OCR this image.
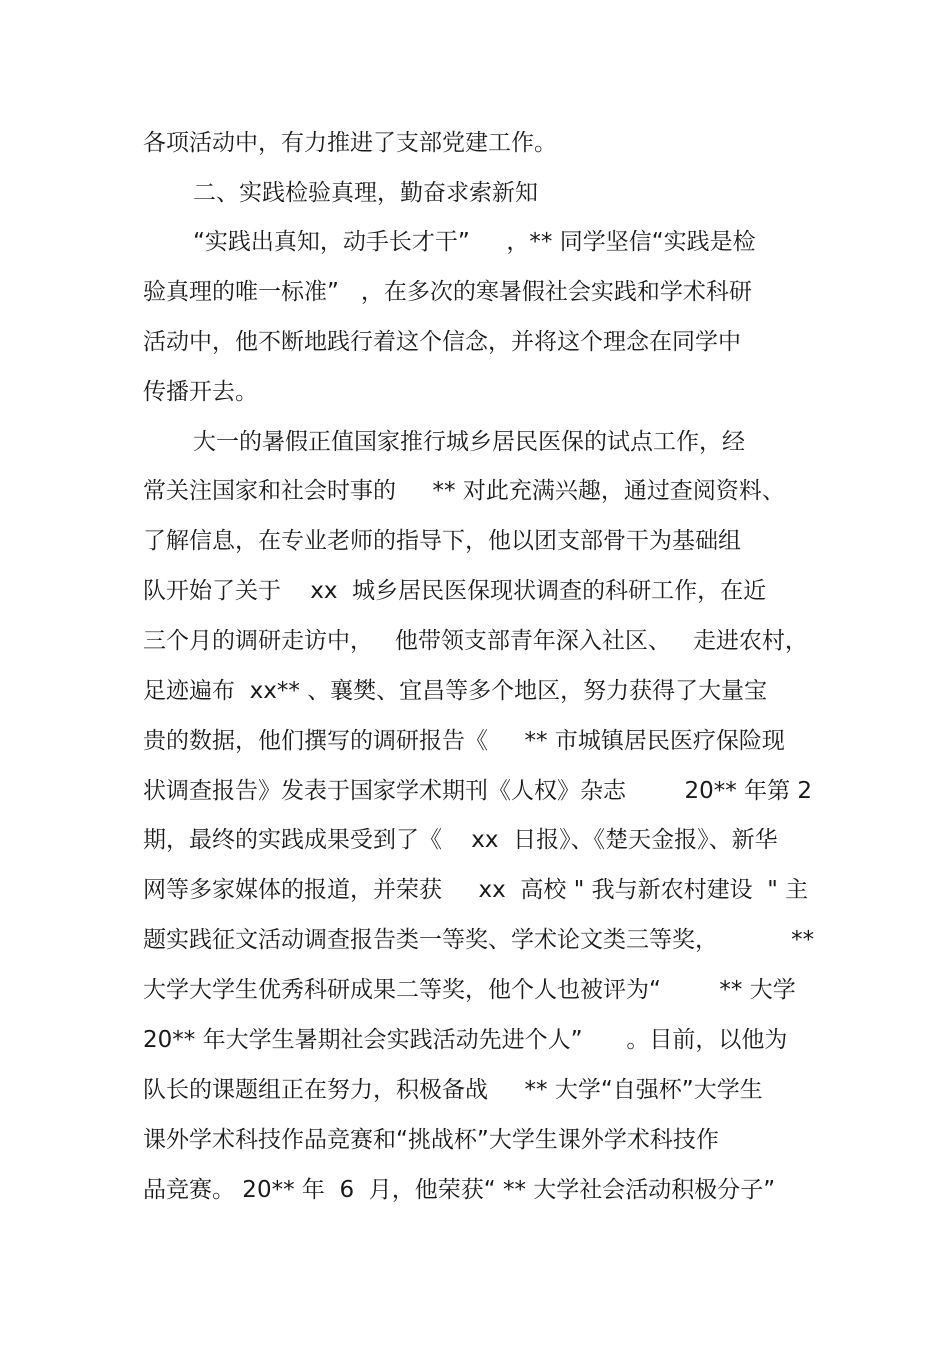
各项活动中，有力推进了支部党建工作。
二、实践检验真理，勤奋求索新知
“实践出真知，动手长才干”     ，** 同学坚信“实践是检
验真理的唯一标准”   ，在多次的寒暑假社会实践和学术科研
活动中，他不断地践行着这个信念，并将这个理念在同学中
传播开去。
大一的暑假正值国家推行城乡居民医保的试点工作，经
常关注国家和社会时事的     ** 对此充满兴趣，通过查阅资料、
了解信息，在专业老师的指导下，他以团支部骨干为基础组
队开始了关于    xx  城乡居民医保现状调查的科研工作，在近
三个月的调研走访中，   他带领支部青年深入社区、   走进农村，
足迹遍布  xx** 、襄樊、宜昌等多个地区，努力获得了大量宝
贵的数据，他们撰写的调研报告《     ** 市城镇居民医疗保险现
状调查报告》发表于国家学术期刊《人权》杂志        20** 年第 2
期，最终的实践成果受到了《    xx  日报》、《楚天金报》、新华
网等多家媒体的报道，并荣获     xx  高校 " 我与新农村建设  " 主
题实践征文活动调查报告类一等奖、学术论文类三等奖，          **
大学大学生优秀科研成果二等奖，他个人也被评为“        ** 大学
20** 年大学生暑期社会实践活动先进个人”      。目前，以他为
队长的课题组正在努力，积极备战     ** 大学“自强杯”大学生
课外学术科技作品竞赛和“挑战杯”大学生课外学术科技作
品竞赛。 20** 年  6  月，他荣获“ ** 大学社会活动积极分子”
